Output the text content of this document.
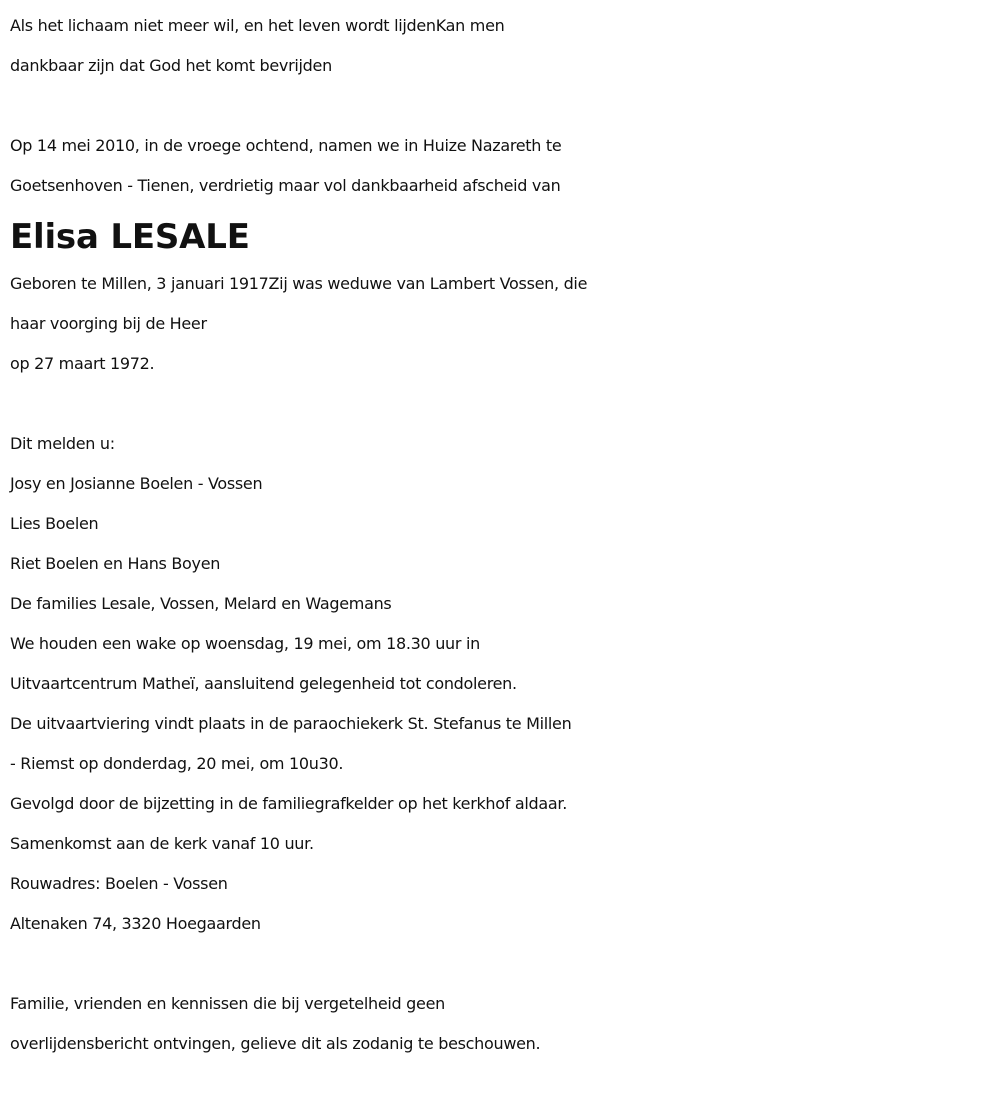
Als het lichaam niet meer wil, en het leven wordt lijdenKan men
dankbaar zijn dat God het komt bevrijden
Op 14 mei 2010, in de vroege ochtend, namen we in Huize Nazareth te
Goetsenhoven - Tienen, verdrietig maar vol dankbaarheid afscheid van
Elisa LESALE
Geboren te Millen, 3 januari 1917Zij was weduwe van Lambert Vossen, die
haar voorging bij de Heer
op 27 maart 1972.
Dit melden u:
Josy en Josianne Boelen - Vossen
Lies Boelen
Riet Boelen en Hans Boyen
De families Lesale, Vossen, Melard en Wagemans
We houden een wake op woensdag, 19 mei, om 18.30 uur in
Uitvaartcentrum Matheï, aansluitend gelegenheid tot condoleren.
De uitvaartviering vindt plaats in de paraochiekerk St. Stefanus te Millen
- Riemst op donderdag, 20 mei, om 10u30.
Gevolgd door de bijzetting in de familiegrafkelder op het kerkhof aldaar.
Samenkomst aan de kerk vanaf 10 uur.
Rouwadres: Boelen - Vossen
Altenaken 74, 3320 Hoegaarden
Familie, vrienden en kennissen die bij vergetelheid geen
overlijdensbericht ontvingen, gelieve dit als zodanig te beschouwen.
